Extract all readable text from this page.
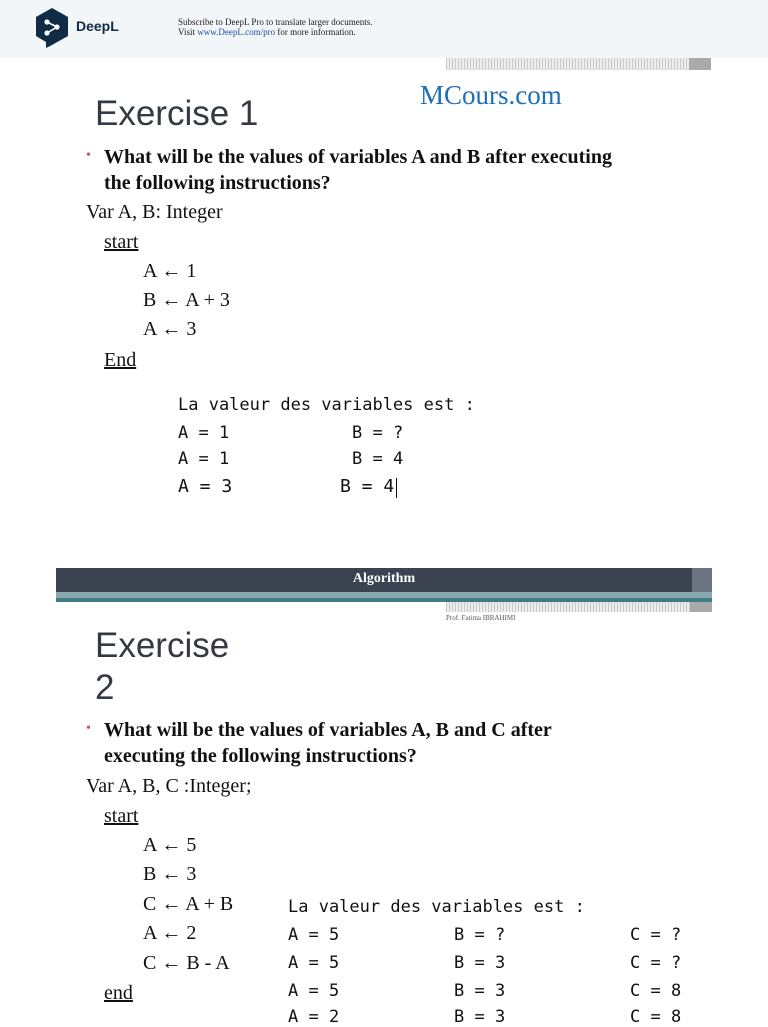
DeepL	Subscribe to DeepL Pro to translate larger documents.
Visit www.DeepL.com/pro for more information.
Exercise 1	MCours.com
• What will be the values of variables A and B after executing
the following instructions?
Var A, B: Integer
start
A ← 1
B ← A + 3
A ← 3
End
La valeur des variables est :
A = 1	B = ?
A = 1	B = 4
A = 3	B = 4
Algorithm
Prof. Fatima IBRAHIMI
Exercise
2
• What will be the values of variables A, B and C after
executing the following instructions?
Var A, B, C :Integer;
start
A ← 5
B ← 3
C ← A + B
A ← 2
C ← B - A
end
La valeur des variables est :
A = 5	B = ?	C = ?
A = 5	B = 3	C = ?
A = 5	B = 3	C = 8
A = 2	B = 3	C = 8
